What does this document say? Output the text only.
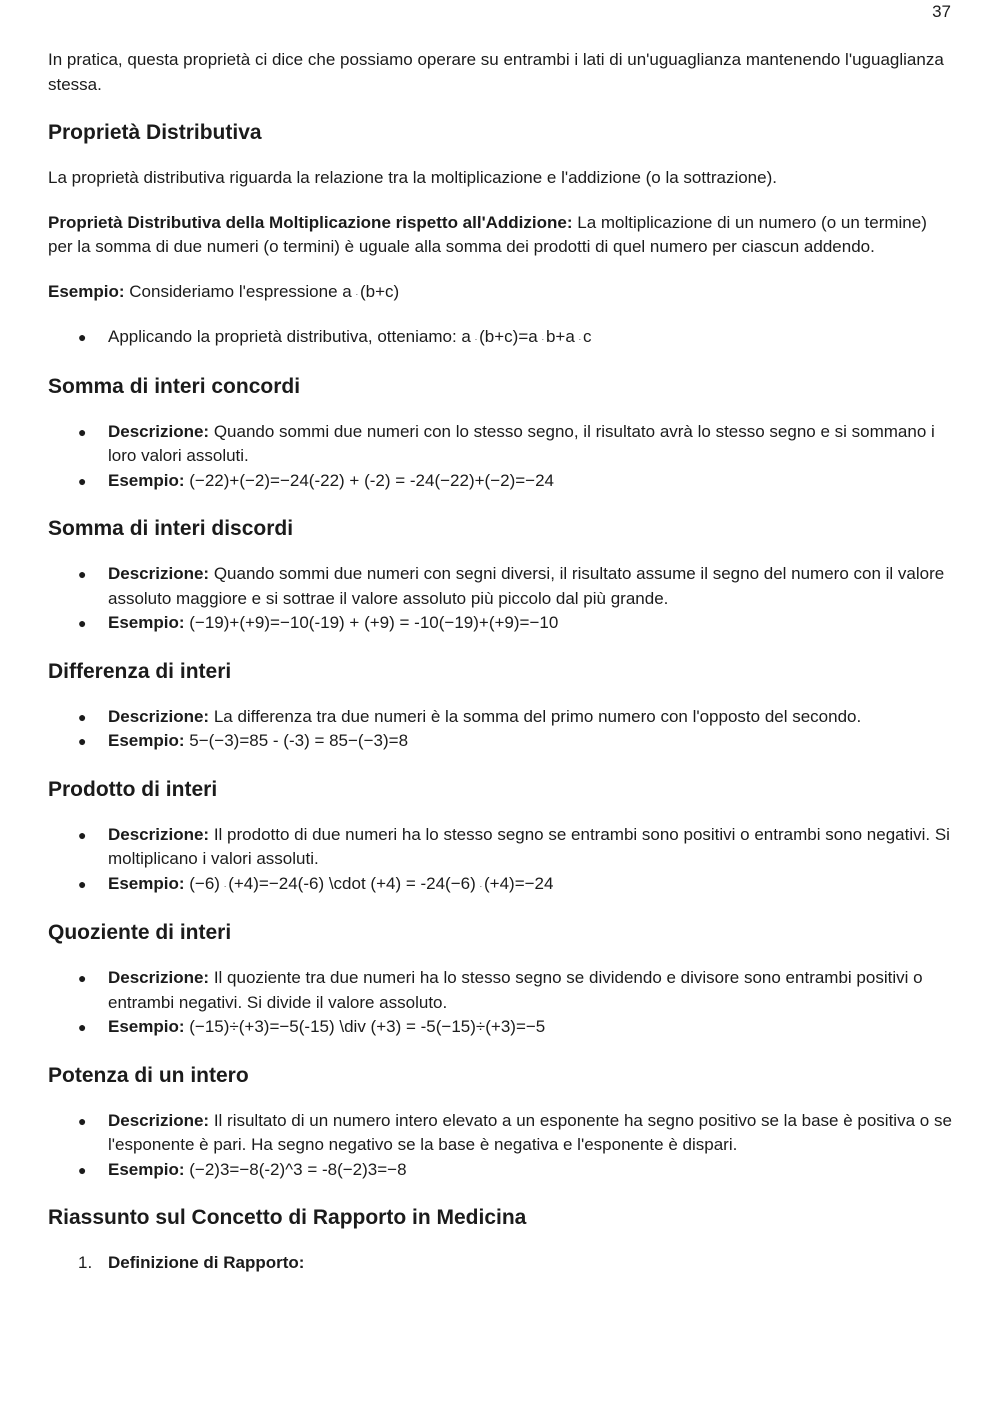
37

In pratica, questa proprietà ci dice che possiamo operare su entrambi i lati di un'uguaglianza mantenendo l'uguaglianza stessa.

Proprietà Distributiva

La proprietà distributiva riguarda la relazione tra la moltiplicazione e l'addizione (o la sottrazione).

Proprietà Distributiva della Moltiplicazione rispetto all'Addizione: La moltiplicazione di un numero (o un termine) per la somma di due numeri (o termini) è uguale alla somma dei prodotti di quel numero per ciascun addendo.

Esempio: Consideriamo l'espressione a . (b+c)

● Applicando la proprietà distributiva, otteniamo: a . (b+c)=a . b+a . c
Somma di interi concordi
● Descrizione: Quando sommi due numeri con lo stesso segno, il risultato avrà lo stesso segno e si sommano i loro valori assoluti.
● Esempio: (−22)+(−2)=−24(-22) + (-2) = -24(−22)+(−2)=−24
Somma di interi discordi
● Descrizione: Quando sommi due numeri con segni diversi, il risultato assume il segno del numero con il valore assoluto maggiore e si sottrae il valore assoluto più piccolo dal più grande.
● Esempio: (−19)+(+9)=−10(-19) + (+9) = -10(−19)+(+9)=−10
Differenza di interi
● Descrizione: La differenza tra due numeri è la somma del primo numero con l'opposto del secondo.
● Esempio: 5−(−3)=85 - (-3) = 85−(−3)=8
Prodotto di interi
● Descrizione: Il prodotto di due numeri ha lo stesso segno se entrambi sono positivi o entrambi sono negativi. Si moltiplicano i valori assoluti.
● Esempio: (−6) . (+4)=−24(-6) \cdot (+4) = -24(−6) . (+4)=−24
Quoziente di interi
● Descrizione: Il quoziente tra due numeri ha lo stesso segno se dividendo e divisore sono entrambi positivi o entrambi negativi. Si divide il valore assoluto.
● Esempio: (−15)÷(+3)=−5(-15) \div (+3) = -5(−15)÷(+3)=−5
Potenza di un intero
● Descrizione: Il risultato di un numero intero elevato a un esponente ha segno positivo se la base è positiva o se l'esponente è pari. Ha segno negativo se la base è negativa e l'esponente è dispari.
● Esempio: (−2)3=−8(-2)^3 = -8(−2)3=−8
Riassunto sul Concetto di Rapporto in Medicina
1. Definizione di Rapporto:
